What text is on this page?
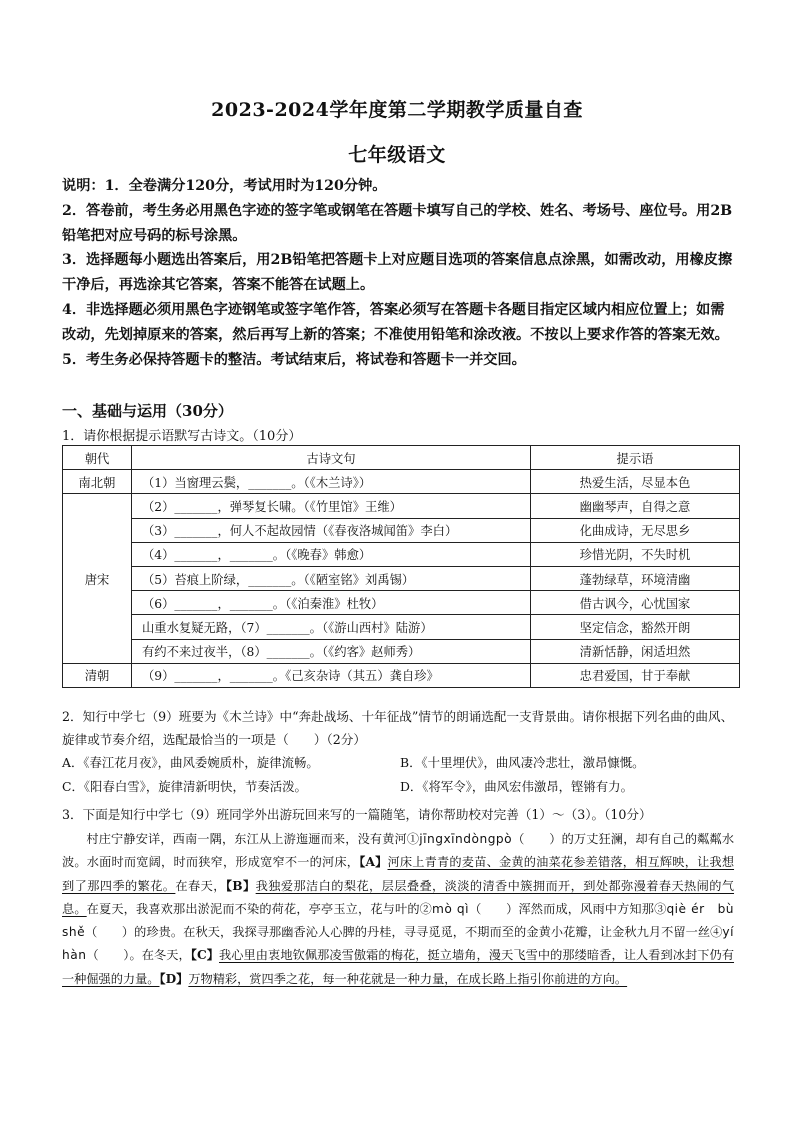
2023-2024学年度第二学期教学质量自查
七年级语文

说明：1．全卷满分120分，考试用时为120分钟。

2．答卷前，考生务必用黑色字迹的签字笔或钢笔在答题卡填写自己的学校、姓名、考场号、座位号。用2B铅笔把对应号码的标号涂黑。

3．选择题每小题选出答案后，用2B铅笔把答题卡上对应题目选项的答案信息点涂黑，如需改动，用橡皮擦干净后，再选涂其它答案，答案不能答在试题上。

4．非选择题必须用黑色字迹钢笔或签字笔作答，答案必须写在答题卡各题目指定区域内相应位置上；如需改动，先划掉原来的答案，然后再写上新的答案；不准使用铅笔和涂改液。不按以上要求作答的答案无效。

5．考生务必保持答题卡的整洁。考试结束后，将试卷和答题卡一并交回。

一、基础与运用（30分）
1．请你根据提示语默写古诗文。（10分）
朝代	古诗文句	提示语
南北朝	（1）当窗理云鬓，_______。（《木兰诗》）	热爱生活，尽显本色
唐宋	（2）_______，弹琴复长啸。（《竹里馆》王维）	幽幽琴声，自得之意
	（3）_______，何人不起故园情（《春夜洛城闻笛》李白）	化曲成诗，无尽思乡
	（4）_______，_______。（《晚春》韩愈）	珍惜光阴，不失时机
	（5）苔痕上阶绿，_______。（《陋室铭》刘禹锡）	蓬勃绿草，环境清幽
	（6）_______，_______。（《泊秦淮》杜牧）	借古讽今，心忧国家
	山重水复疑无路，（7）_______。（《游山西村》陆游）	坚定信念，豁然开朗
	有约不来过夜半，（8）_______。（《约客》赵师秀）	清新恬静，闲适坦然
清朝	（9）_______，_______。《己亥杂诗（其五）龚自珍》	忠君爱国，甘于奉献

2．知行中学七（9）班要为《木兰诗》中“奔赴战场、十年征战”情节的朗诵选配一支背景曲。请你根据下列名曲的曲风、旋律或节奏介绍，选配最恰当的一项是（　　）（2分）

A．《春江花月夜》，曲风委婉质朴，旋律流畅。	B．《十里埋伏》，曲风凄冷悲壮，激昂慷慨。
C．《阳春白雪》，旋律清新明快，节奏活泼。	D．《将军令》，曲风宏伟激昂，铿锵有力。
3．下面是知行中学七（9）班同学外出游玩回来写的一篇随笔，请你帮助校对完善（1）～（3）。（10分）

村庄宁静安详，西南一隅，东江从上游迤逦而来，没有黄河①jīngxīndòngpò（　　）的万丈狂澜，却有自己的粼粼水波。水面时而宽阔，时而狭窄，形成宽窄不一的河床，【A】河床上青青的麦苗、金黄的油菜花参差错落，相互辉映，让我想到了那四季的繁花。在春天，【B】我独爱那洁白的梨花，层层叠叠，淡淡的清香中簇拥而开，到处都弥漫着春天热闹的气息。在夏天，我喜欢那出淤泥而不染的荷花，亭亭玉立，花与叶的②mò qì（　　）浑然而成，风雨中方知那③qiè ér　bù shě（　　）的珍贵。在秋天，我探寻那幽香沁人心脾的丹桂，寻寻觅觅，不期而至的金黄小花瓣，让金秋九月不留一丝④yí hàn（　　）。在冬天，【C】我心里由衷地钦佩那凌雪傲霜的梅花，挺立墙角，漫天飞雪中的那缕暗香，让人看到冰封下仍有一种倔强的力量。【D】万物精彩，赏四季之花，每一种花就是一种力量，在成长路上指引你前进的方向。
